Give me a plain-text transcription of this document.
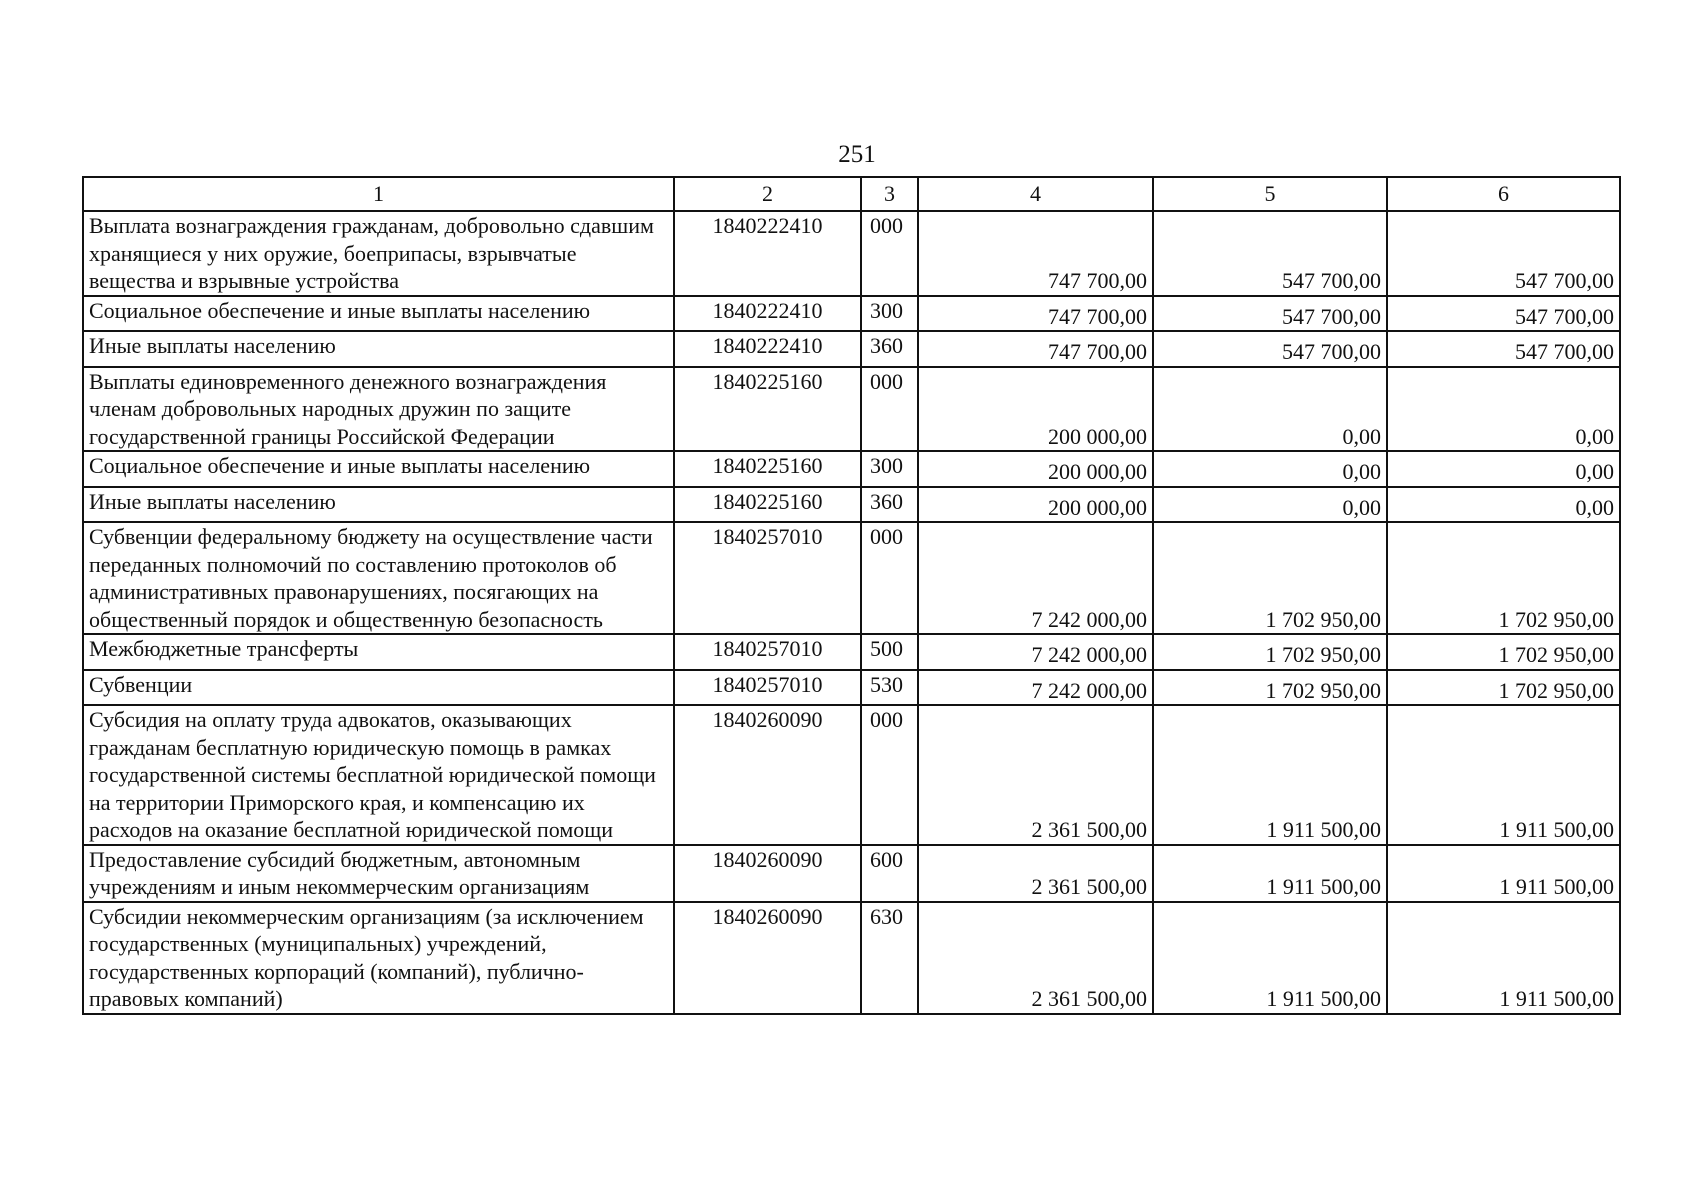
251
1	2	3	4	5	6
Выплата вознаграждения гражданам, добровольно сдавшим хранящиеся у них оружие, боеприпасы, взрывчатые вещества и взрывные устройства	1840222410	000	747 700,00	547 700,00	547 700,00
Социальное обеспечение и иные выплаты населению	1840222410	300	747 700,00	547 700,00	547 700,00
Иные выплаты населению	1840222410	360	747 700,00	547 700,00	547 700,00
Выплаты единовременного денежного вознаграждения членам добровольных народных дружин по защите государственной границы Российской Федерации	1840225160	000	200 000,00	0,00	0,00
Социальное обеспечение и иные выплаты населению	1840225160	300	200 000,00	0,00	0,00
Иные выплаты населению	1840225160	360	200 000,00	0,00	0,00
Субвенции федеральному бюджету на осуществление части переданных полномочий по составлению протоколов об административных правонарушениях, посягающих на общественный порядок и общественную безопасность	1840257010	000	7 242 000,00	1 702 950,00	1 702 950,00
Межбюджетные трансферты	1840257010	500	7 242 000,00	1 702 950,00	1 702 950,00
Субвенции	1840257010	530	7 242 000,00	1 702 950,00	1 702 950,00
Субсидия на оплату труда адвокатов, оказывающих гражданам бесплатную юридическую помощь в рамках государственной системы бесплатной юридической помощи на территории Приморского края, и компенсацию их расходов на оказание бесплатной юридической помощи	1840260090	000	2 361 500,00	1 911 500,00	1 911 500,00
Предоставление субсидий бюджетным, автономным учреждениям и иным некоммерческим организациям	1840260090	600	2 361 500,00	1 911 500,00	1 911 500,00
Субсидии некоммерческим организациям (за исключением государственных (муниципальных) учреждений, государственных корпораций (компаний), публично-правовых компаний)	1840260090	630	2 361 500,00	1 911 500,00	1 911 500,00
